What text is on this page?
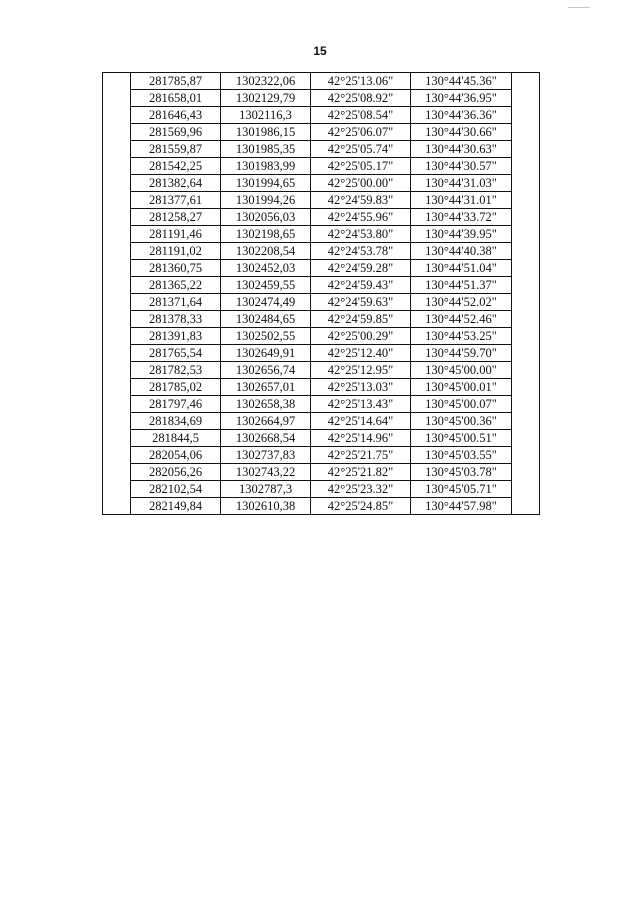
15
	281785,87	1302322,06	42°25'13.06"	130°44'45.36"	
	281658,01	1302129,79	42°25'08.92"	130°44'36.95"	
	281646,43	1302116,3	42°25'08.54"	130°44'36.36"	
	281569,96	1301986,15	42°25'06.07"	130°44'30.66"	
	281559,87	1301985,35	42°25'05.74"	130°44'30.63"	
	281542,25	1301983,99	42°25'05.17"	130°44'30.57"	
	281382,64	1301994,65	42°25'00.00"	130°44'31.03"	
	281377,61	1301994,26	42°24'59.83"	130°44'31.01"	
	281258,27	1302056,03	42°24'55.96"	130°44'33.72"	
	281191,46	1302198,65	42°24'53.80"	130°44'39.95"	
	281191,02	1302208,54	42°24'53.78"	130°44'40.38"	
	281360,75	1302452,03	42°24'59.28"	130°44'51.04"	
	281365,22	1302459,55	42°24'59.43"	130°44'51.37"	
	281371,64	1302474,49	42°24'59.63"	130°44'52.02"	
	281378,33	1302484,65	42°24'59.85"	130°44'52.46"	
	281391,83	1302502,55	42°25'00.29"	130°44'53.25"	
	281765,54	1302649,91	42°25'12.40"	130°44'59.70"	
	281782,53	1302656,74	42°25'12.95"	130°45'00.00"	
	281785,02	1302657,01	42°25'13.03"	130°45'00.01"	
	281797,46	1302658,38	42°25'13.43"	130°45'00.07"	
	281834,69	1302664,97	42°25'14.64"	130°45'00.36"	
	281844,5	1302668,54	42°25'14.96"	130°45'00.51"	
	282054,06	1302737,83	42°25'21.75"	130°45'03.55"	
	282056,26	1302743,22	42°25'21.82"	130°45'03.78"	
	282102,54	1302787,3	42°25'23.32"	130°45'05.71"	
	282149,84	1302610,38	42°25'24.85"	130°44'57.98"	
